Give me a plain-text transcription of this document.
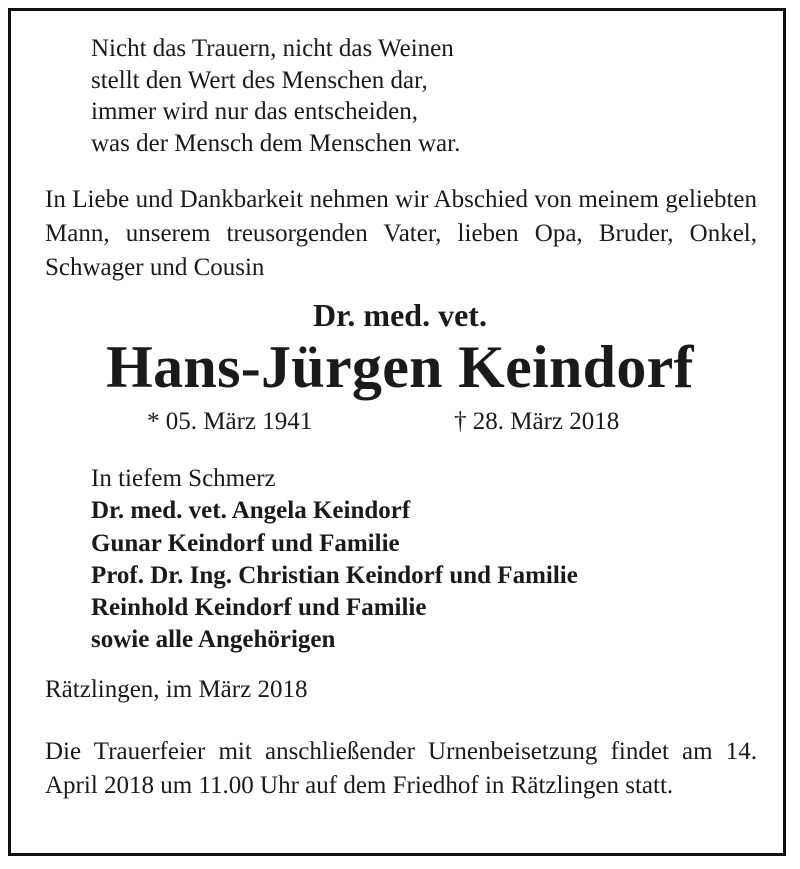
Nicht das Trauern, nicht das Weinen
stellt den Wert des Menschen dar,
immer wird nur das entscheiden,
was der Mensch dem Menschen war.
In Liebe und Dankbarkeit nehmen wir Abschied von meinem geliebten Mann, unserem treusorgenden Vater, lieben Opa, Bruder, Onkel, Schwager und Cousin
Dr. med. vet.
Hans-Jürgen Keindorf
* 05. März 1941	† 28. März 2018
In tiefem Schmerz
Dr. med. vet. Angela Keindorf
Gunar Keindorf und Familie
Prof. Dr. Ing. Christian Keindorf und Familie
Reinhold Keindorf und Familie
sowie alle Angehörigen
Rätzlingen, im März 2018
Die Trauerfeier mit anschließender Urnenbeisetzung findet am 14. April 2018 um 11.00 Uhr auf dem Friedhof in Rätzlingen statt.
